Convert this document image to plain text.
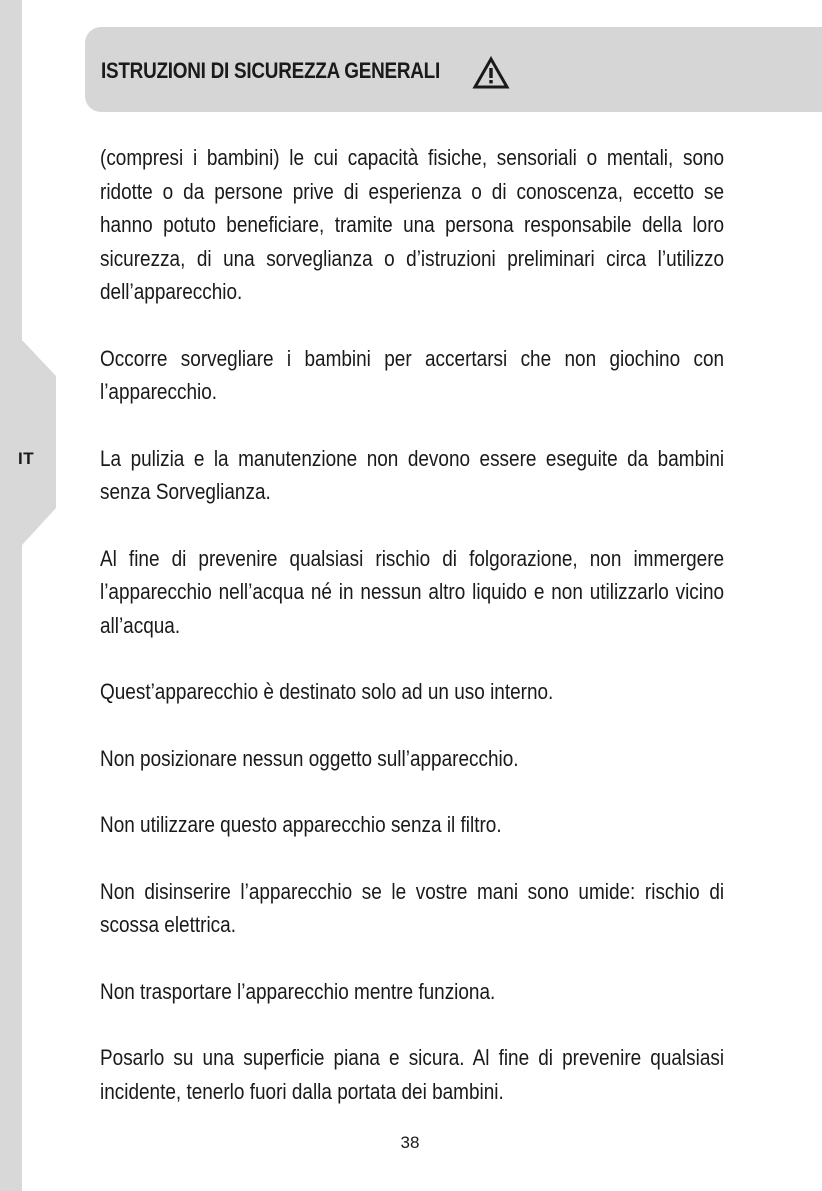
IT
ISTRUZIONI DI SICUREZZA GENERALI

(compresi i bambini) le cui capacità fisiche, sensoriali o mentali, sono ridotte o da persone prive di esperienza o di conoscenza, eccetto se hanno potuto beneficiare, tramite una persona responsabile della loro sicurezza, di una sorveglianza o d’istruzioni preliminari circa l’utilizzo dell’apparecchio.

Occorre sorvegliare i bambini per accertarsi che non giochino con l’apparecchio.

La pulizia e la manutenzione non devono essere eseguite da bambini senza Sorveglianza.

Al fine di prevenire qualsiasi rischio di folgorazione, non immergere l’apparecchio nell’acqua né in nessun altro liquido e non utilizzarlo vicino all’acqua.

Quest’apparecchio è destinato solo ad un uso interno.

Non posizionare nessun oggetto sull’apparecchio.

Non utilizzare questo apparecchio senza il filtro.

Non disinserire l’apparecchio se le vostre mani sono umide: rischio di scossa elettrica.

Non trasportare l’apparecchio mentre funziona.

Posarlo su una superficie piana e sicura. Al fine di prevenire qualsiasi incidente, tenerlo fuori dalla portata dei bambini.

38
